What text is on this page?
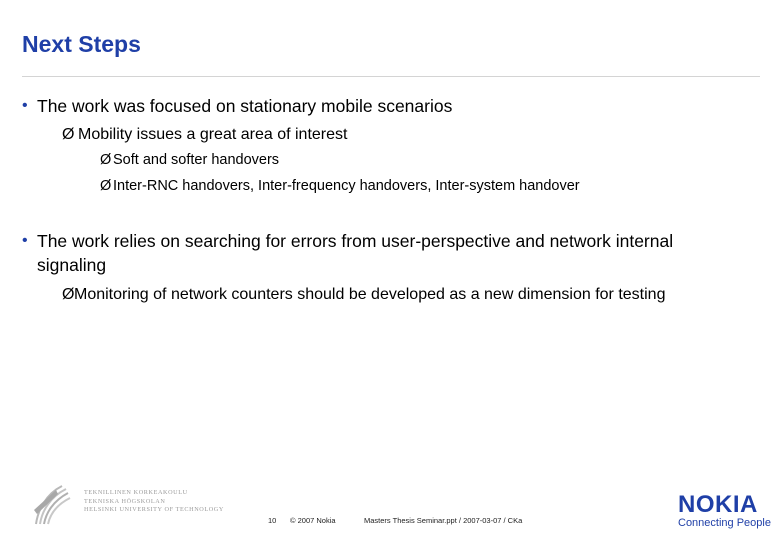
Next Steps
• The work was focused on stationary mobile scenarios
Ø Mobility issues a great area of interest
Ø Soft and softer handovers
Ø Inter-RNC handovers, Inter-frequency handovers, Inter-system handover
• The work relies on searching for errors from user-perspective and network internal signaling
ØMonitoring of network counters should be developed as a new dimension for testing
TEKNILLINEN KORKEAKOULU
TEKNISKA HÖGSKOLAN
HELSINKI UNIVERSITY OF TECHNOLOGY
10 © 2007 Nokia	Masters Thesis Seminar.ppt / 2007-03-07 / CKa
NOKIA
Connecting People
